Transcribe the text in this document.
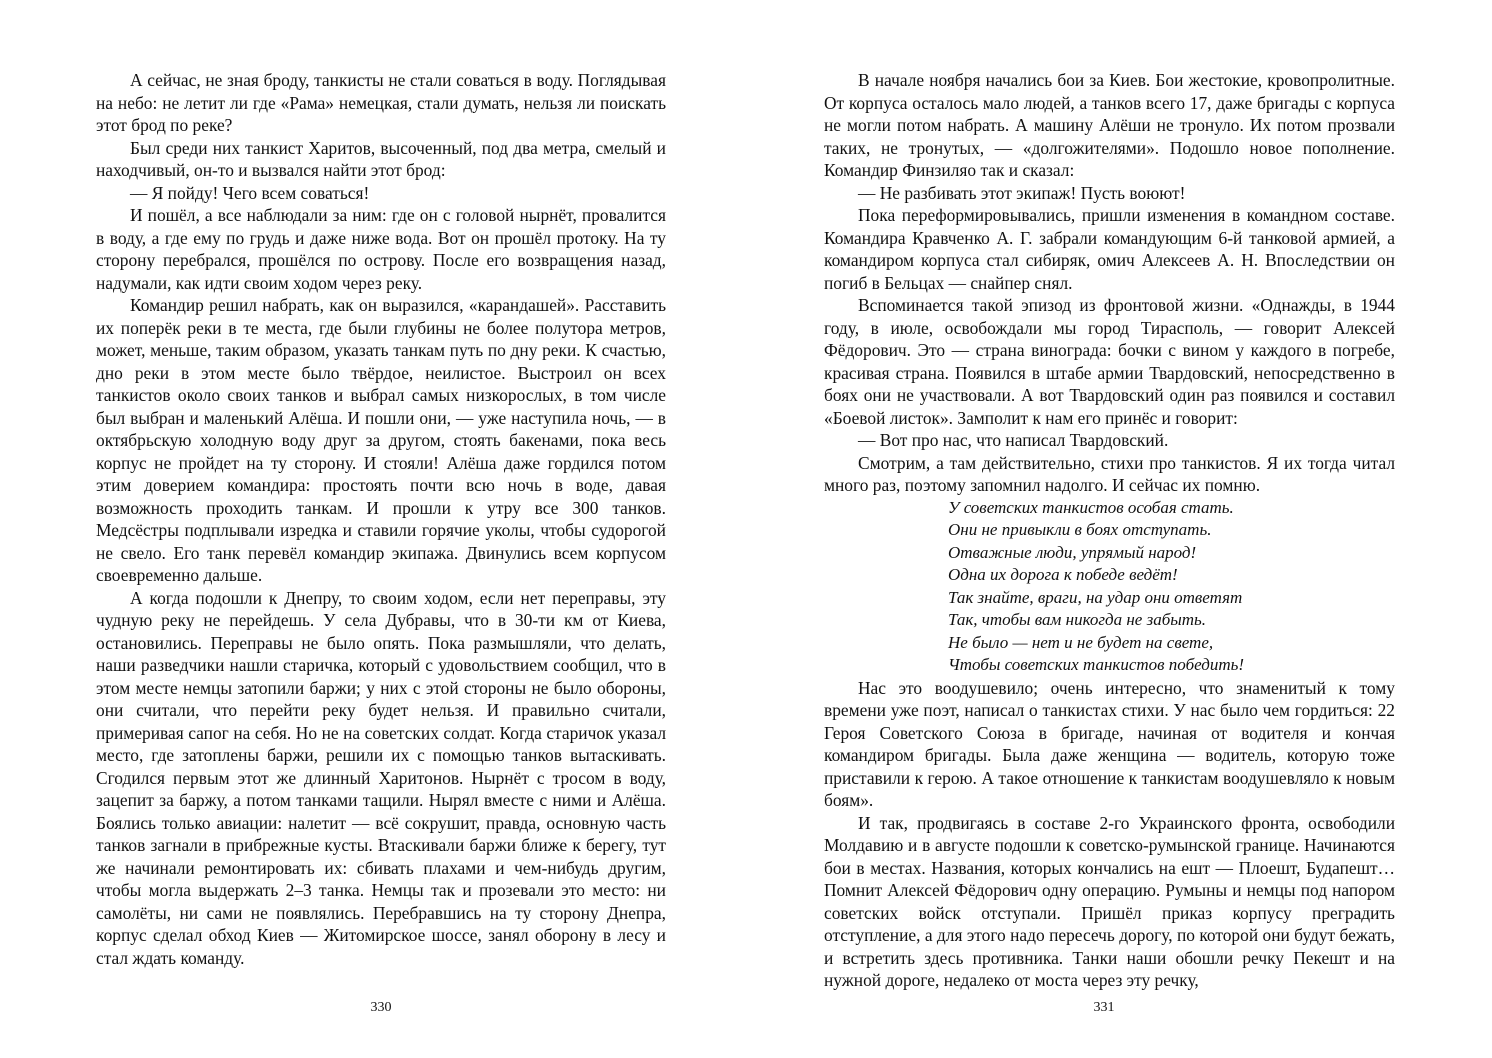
А сейчас, не зная броду, танкисты не стали соваться в воду. Поглядывая на небо: не летит ли где «Рама» немецкая, стали думать, нельзя ли поискать этот брод по реке?

Был среди них танкист Харитов, высоченный, под два метра, смелый и находчивый, он-то и вызвался найти этот брод:

— Я пойду! Чего всем соваться!

И пошёл, а все наблюдали за ним: где он с головой нырнёт, провалится в воду, а где ему по грудь и даже ниже вода. Вот он прошёл протоку. На ту сторону перебрался, прошёлся по острову. После его возвращения назад, надумали, как идти своим ходом через реку.

Командир решил набрать, как он выразился, «карандашей». Расставить их поперёк реки в те места, где были глубины не более полутора метров, может, меньше, таким образом, указать танкам путь по дну реки. К счастью, дно реки в этом месте было твёрдое, неилистое. Выстроил он всех танкистов около своих танков и выбрал самых низкорослых, в том числе был выбран и маленький Алёша. И пошли они, — уже наступила ночь, — в октябрьскую холодную воду друг за другом, стоять бакенами, пока весь корпус не пройдет на ту сторону. И стояли! Алёша даже гордился потом этим доверием командира: простоять почти всю ночь в воде, давая возможность проходить танкам. И прошли к утру все 300 танков. Медсёстры подплывали изредка и ставили горячие уколы, чтобы судорогой не свело. Его танк перевёл командир экипажа. Двинулись всем корпусом своевременно дальше.

А когда подошли к Днепру, то своим ходом, если нет переправы, эту чудную реку не перейдешь. У села Дубравы, что в 30-ти км от Киева, остановились. Переправы не было опять. Пока размышляли, что делать, наши разведчики нашли старичка, который с удовольствием сообщил, что в этом месте немцы затопили баржи; у них с этой стороны не было обороны, они считали, что перейти реку будет нельзя. И правильно считали, примеривая сапог на себя. Но не на советских солдат. Когда старичок указал место, где затоплены баржи, решили их с помощью танков вытаскивать. Сгодился первым этот же длинный Харитонов. Нырнёт с тросом в воду, зацепит за баржу, а потом танками тащили. Нырял вместе с ними и Алёша. Боялись только авиации: налетит — всё сокрушит, правда, основную часть танков загнали в прибрежные кусты. Втаскивали баржи ближе к берегу, тут же начинали ремонтировать их: сбивать плахами и чем-нибудь другим, чтобы могла выдержать 2–3 танка. Немцы так и прозевали это место: ни самолёты, ни сами не появлялись. Перебравшись на ту сторону Днепра, корпус сделал обход Киев — Житомирское шоссе, занял оборону в лесу и стал ждать команду.

330

В начале ноября начались бои за Киев. Бои жестокие, кровопролитные. От корпуса осталось мало людей, а танков всего 17, даже бригады с корпуса не могли потом набрать. А машину Алёши не тронуло. Их потом прозвали таких, не тронутых, — «долгожителями». Подошло новое пополнение. Командир Финзиляо так и сказал:

— Не разбивать этот экипаж! Пусть воюют!

Пока переформировывались, пришли изменения в командном составе. Командира Кравченко А. Г. забрали командующим 6-й танковой армией, а командиром корпуса стал сибиряк, омич Алексеев А. Н. Впоследствии он погиб в Бельцах — снайпер снял.

Вспоминается такой эпизод из фронтовой жизни. «Однажды, в 1944 году, в июле, освобождали мы город Тирасполь, — говорит Алексей Фёдорович. Это — страна винограда: бочки с вином у каждого в погребе, красивая страна. Появился в штабе армии Твардовский, непосредственно в боях они не участвовали. А вот Твардовский один раз появился и составил «Боевой листок». Замполит к нам его принёс и говорит:

— Вот про нас, что написал Твардовский.

Смотрим, а там действительно, стихи про танкистов. Я их тогда читал много раз, поэтому запомнил надолго. И сейчас их помню.

У советских танкистов особая стать.
Они не привыкли в боях отступать.
Отважные люди, упрямый народ!
Одна их дорога к победе ведёт!
Так знайте, враги, на удар они ответят
Так, чтобы вам никогда не забыть.
Не было — нет и не будет на свете,
Чтобы советских танкистов победить!

Нас это воодушевило; очень интересно, что знаменитый к тому времени уже поэт, написал о танкистах стихи. У нас было чем гордиться: 22 Героя Советского Союза в бригаде, начиная от водителя и кончая командиром бригады. Была даже женщина — водитель, которую тоже приставили к герою. А такое отношение к танкистам воодушевляло к новым боям».

И так, продвигаясь в составе 2-го Украинского фронта, освободили Молдавию и в августе подошли к советско-румынской границе. Начинаются бои в местах. Названия, которых кончались на ешт — Плоешт, Будапешт… Помнит Алексей Фёдорович одну операцию. Румыны и немцы под напором советских войск отступали. Пришёл приказ корпусу преградить отступление, а для этого надо пересечь дорогу, по которой они будут бежать, и встретить здесь противника. Танки наши обошли речку Пекешт и на нужной дороге, недалеко от моста через эту речку,

331
